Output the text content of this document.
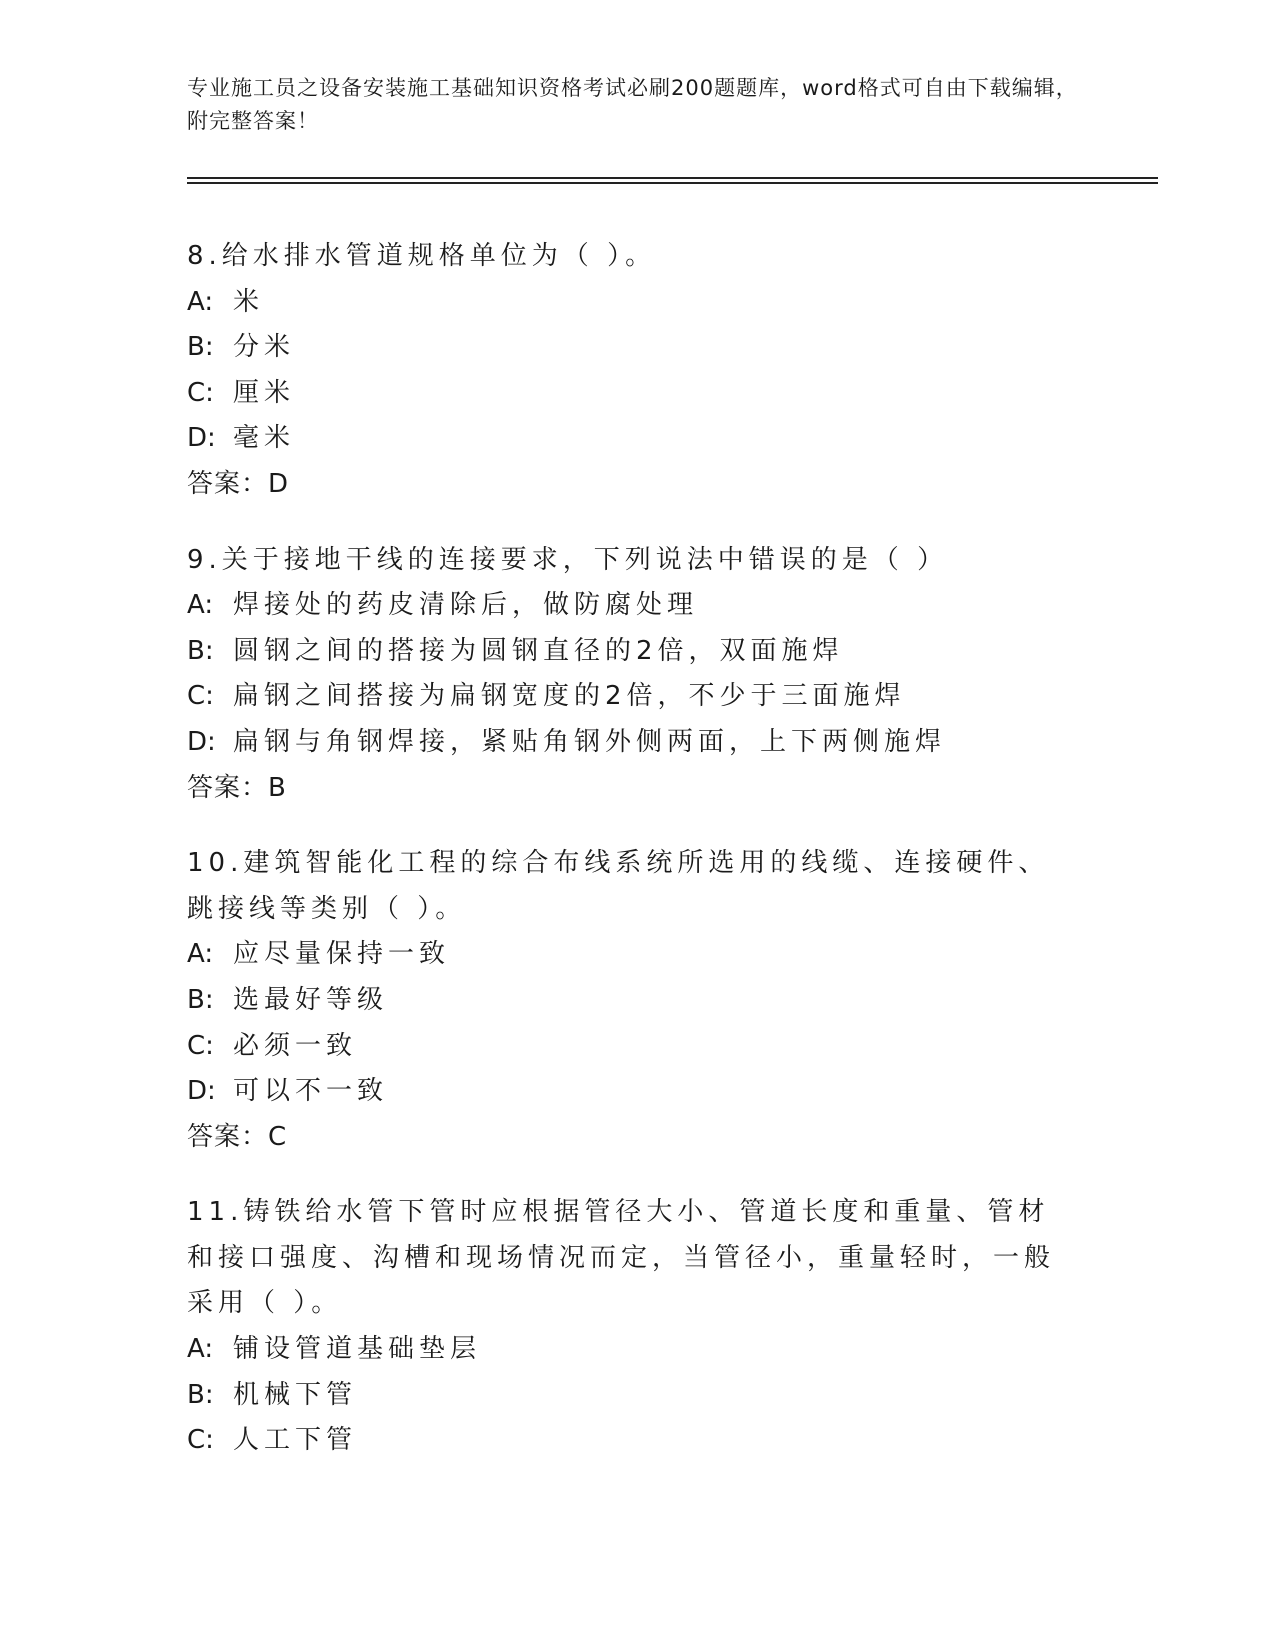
专业施工员之设备安装施工基础知识资格考试必刷200题题库，word格式可自由下载编辑，附完整答案！
8.给水排水管道规格单位为（ ）。
A: 米
B: 分米
C: 厘米
D: 毫米
答案：D
9.关于接地干线的连接要求，下列说法中错误的是（ ）
A: 焊接处的药皮清除后，做防腐处理
B: 圆钢之间的搭接为圆钢直径的2倍，双面施焊
C: 扁钢之间搭接为扁钢宽度的2倍，不少于三面施焊
D: 扁钢与角钢焊接，紧贴角钢外侧两面，上下两侧施焊
答案：B
10.建筑智能化工程的综合布线系统所选用的线缆、连接硬件、跳接线等类别（ ）。
A: 应尽量保持一致
B: 选最好等级
C: 必须一致
D: 可以不一致
答案：C
11.铸铁给水管下管时应根据管径大小、管道长度和重量、管材和接口强度、沟槽和现场情况而定，当管径小，重量轻时，一般采用（ ）。
A: 铺设管道基础垫层
B: 机械下管
C: 人工下管
